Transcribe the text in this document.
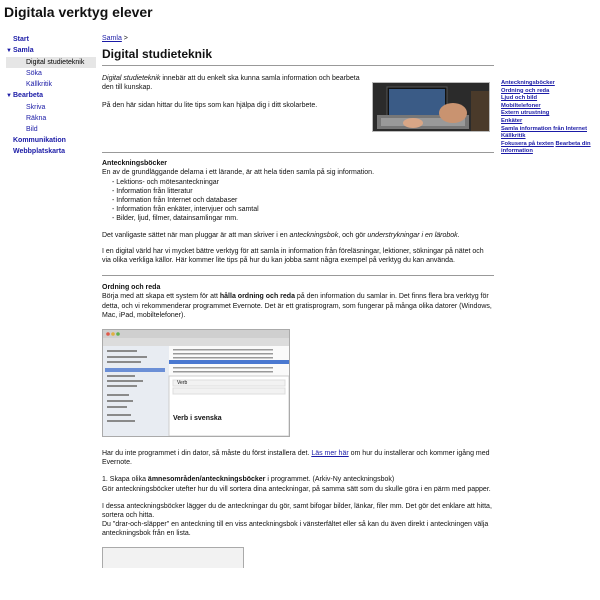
Digitala verktyg elever
Start
▼Samla
Digital studieteknik
Söka
Källkritik
▼Bearbeta
Skriva
Räkna
Bild
Kommunikation
Webbplatskarta
Samla >
Digital studieteknik

Digital studieteknik innebär att du enkelt ska kunna samla information och bearbeta den till kunskap.

På den här sidan hittar du lite tips som kan hjälpa dig i ditt skolarbete.

Anteckningsböcker
En av de grundläggande delarna i ett lärande, är att hela tiden samla på sig information.
- Lektions- och mötesanteckningar
- Information från litteratur
- Information från Internet och databaser
- Information från enkäter, intervjuer och samtal
- Bilder, ljud, filmer, datainsamlingar mm.

Det vanligaste sättet när man pluggar är att man skriver i en anteckningsbok, och gör understrykningar i en lärobok.

I en digital värld har vi mycket bättre verktyg för att samla in information från föreläsningar, lektioner, sökningar på nätet och via olika verkliga källor. Här kommer lite tips på hur du kan jobba samt några exempel på verktyg du kan använda.

Ordning och reda
Börja med att skapa ett system för att hålla ordning och reda på den information du samlar in. Det finns flera bra verktyg för detta, och vi rekommenderar programmet Evernote. Det är ett gratisprogram, som fungerar på många olika datorer (Windows, Mac, iPad, mobiltelefoner).
Verb
Verb i svenska

Har du inte programmet i din dator, så måste du först installera det. Läs mer här om hur du installerar och kommer igång med Evernote.

1. Skapa olika ämnesområden/anteckningsböcker i programmet. (Arkiv-Ny anteckningsbok)
Gör anteckningsböcker utefter hur du vill sortera dina anteckningar, på samma sätt som du skulle göra i en pärm med papper.

I dessa anteckningsböcker lägger du de anteckningar du gör, samt bifogar bilder, länkar, filer mm. Det gör det enklare att hitta, sortera och hitta.
Du "drar-och-släpper" en anteckning till en viss anteckningsbok i vänsterfältet eller så kan du även direkt i anteckningen välja anteckningsbok från en lista.

Anteckningsböcker
Ordning och reda
Ljud och bild
Mobiltelefoner
Extern utrustning
Enkäter
Samla information från Internet
Källkritik
Fokusera på texten Bearbeta din information
